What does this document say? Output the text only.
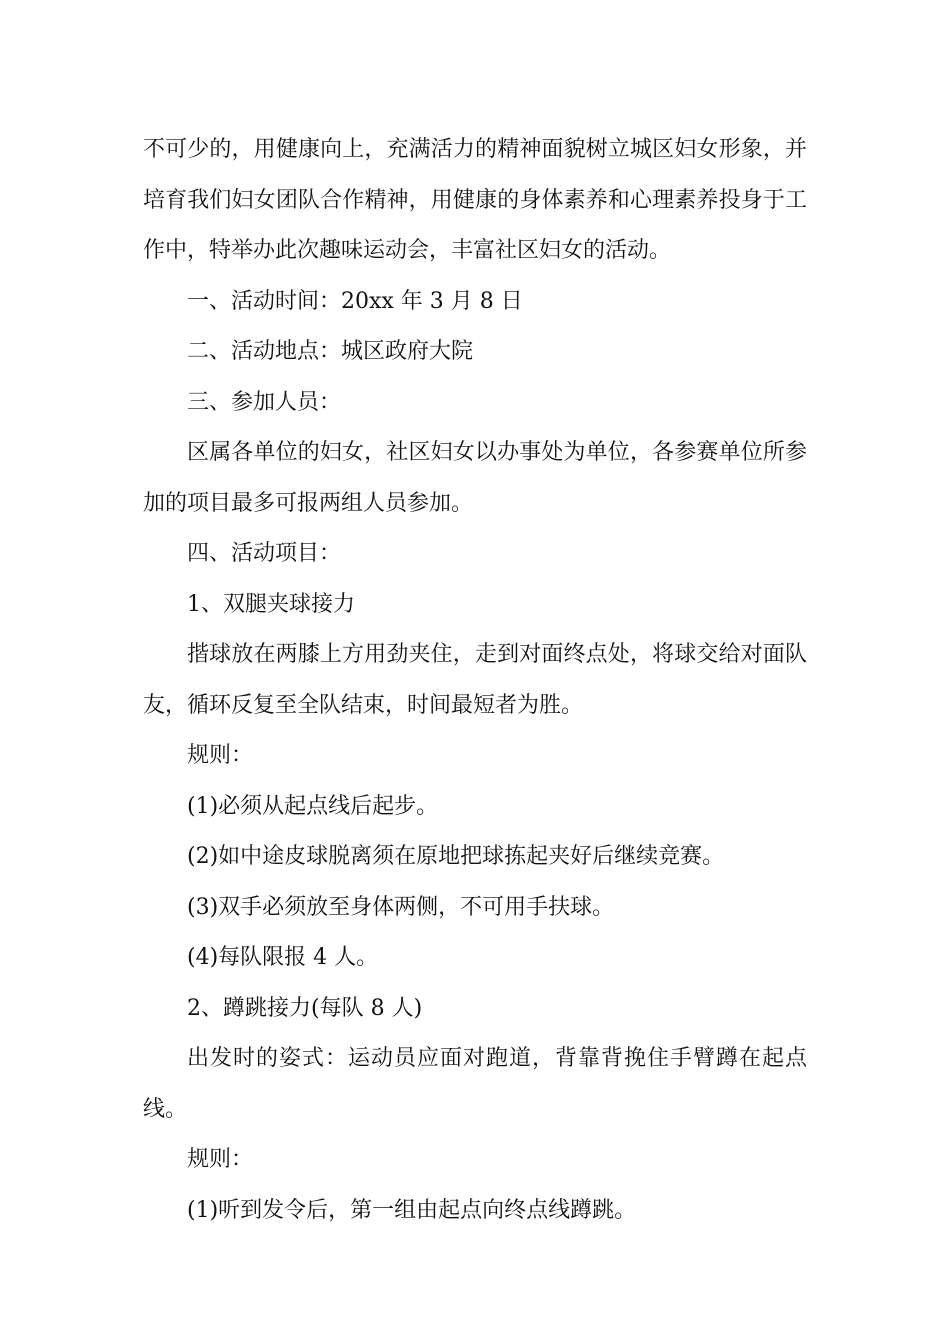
不可少的，用健康向上，充满活力的精神面貌树立城区妇女形象，并培育我们妇女团队合作精神，用健康的身体素养和心理素养投身于工作中，特举办此次趣味运动会，丰富社区妇女的活动。

一、活动时间：20xx 年 3 月 8 日

二、活动地点：城区政府大院

三、参加人员：

区属各单位的妇女，社区妇女以办事处为单位，各参赛单位所参加的项目最多可报两组人员参加。

四、活动项目：

1、双腿夹球接力

揩球放在两膝上方用劲夹住，走到对面终点处，将球交给对面队友，循环反复至全队结束，时间最短者为胜。

规则：

(1)必须从起点线后起步。

(2)如中途皮球脱离须在原地把球拣起夹好后继续竞赛。

(3)双手必须放至身体两侧，不可用手扶球。

(4)每队限报 4 人。

2、蹲跳接力(每队 8 人)

出发时的姿式：运动员应面对跑道，背靠背挽住手臂蹲在起点线。

规则：

(1)听到发令后，第一组由起点向终点线蹲跳。
